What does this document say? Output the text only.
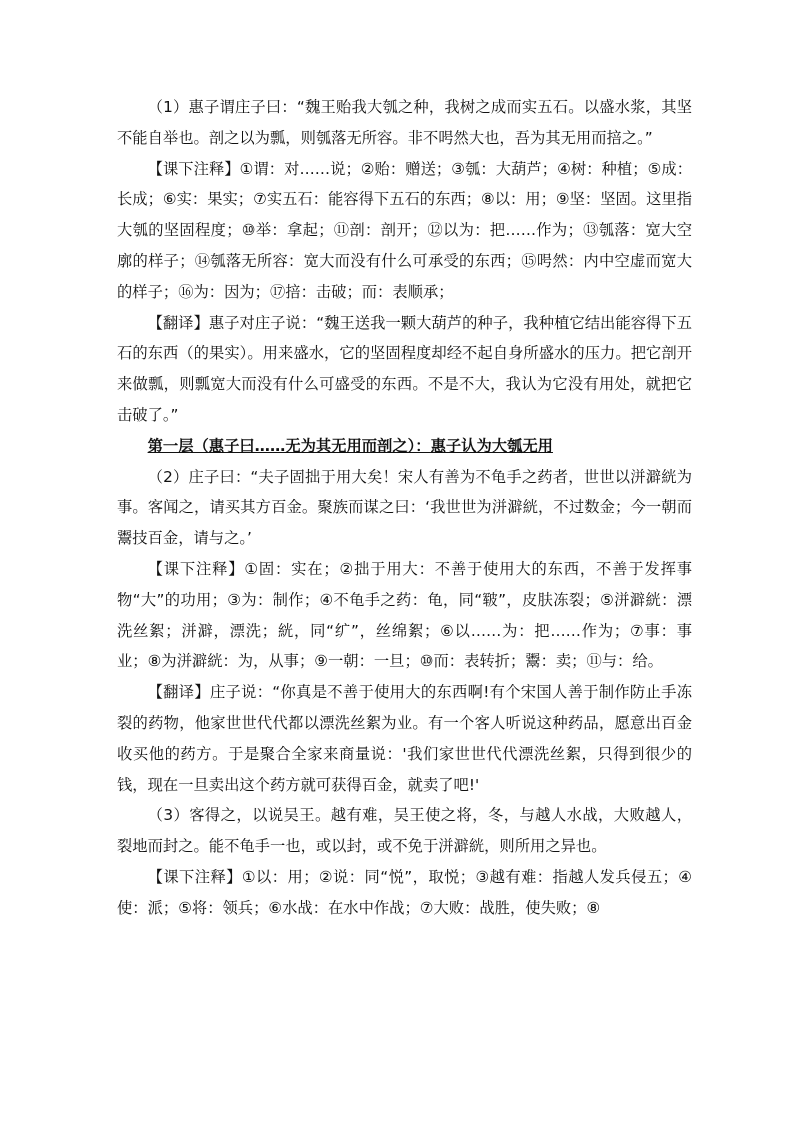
（1）惠子谓庄子曰：“魏王贻我大瓠之种，我树之成而实五石。以盛水浆，其坚不能自举也。剖之以为瓢，则瓠落无所容。非不呺然大也，吾为其无用而掊之。”

【课下注释】①谓：对……说；②贻：赠送；③瓠：大葫芦；④树：种植；⑤成：长成；⑥实：果实；⑦实五石：能容得下五石的东西；⑧以：用；⑨坚：坚固。这里指大瓠的坚固程度；⑩举：拿起；⑪剖：剖开；⑫以为：把……作为；⑬瓠落：宽大空廓的样子；⑭瓠落无所容：宽大而没有什么可承受的东西；⑮呺然：内中空虚而宽大的样子；⑯为：因为；⑰掊：击破；而：表顺承；

【翻译】惠子对庄子说：“魏王送我一颗大葫芦的种子，我种植它结出能容得下五石的东西（的果实）。用来盛水，它的坚固程度却经不起自身所盛水的压力。把它剖开来做瓢，则瓢宽大而没有什么可盛受的东西。不是不大，我认为它没有用处，就把它击破了。”

第一层（惠子曰……无为其无用而剖之）：惠子认为大瓠无用

（2）庄子曰：“夫子固拙于用大矣！宋人有善为不龟手之药者，世世以洴澼絖为事。客闻之，请买其方百金。聚族而谋之曰：‘我世世为洴澼絖，不过数金；今一朝而鬻技百金，请与之。’

【课下注释】①固：实在；②拙于用大：不善于使用大的东西，不善于发挥事物“大”的功用；③为：制作；④不龟手之药：龟，同“皲”，皮肤冻裂；⑤洴澼絖：漂洗丝絮；洴澼，漂洗；絖，同“纩”，丝绵絮；⑥以……为：把……作为；⑦事：事业；⑧为洴澼絖：为，从事；⑨一朝：一旦；⑩而：表转折；鬻：卖；⑪与：给。

【翻译】庄子说：“你真是不善于使用大的东西啊!有个宋国人善于制作防止手冻裂的药物，他家世世代代都以漂洗丝絮为业。有一个客人听说这种药品，愿意出百金收买他的药方。于是聚合全家来商量说：'我们家世世代代漂洗丝絮，只得到很少的钱，现在一旦卖出这个药方就可获得百金，就卖了吧!'

（3）客得之，以说吴王。越有难，吴王使之将，冬，与越人水战，大败越人，裂地而封之。能不龟手一也，或以封，或不免于洴澼絖，则所用之异也。

【课下注释】①以：用；②说：同“悦”，取悦；③越有难：指越人发兵侵五；④使：派；⑤将：领兵；⑥水战：在水中作战；⑦大败：战胜，使失败；⑧
